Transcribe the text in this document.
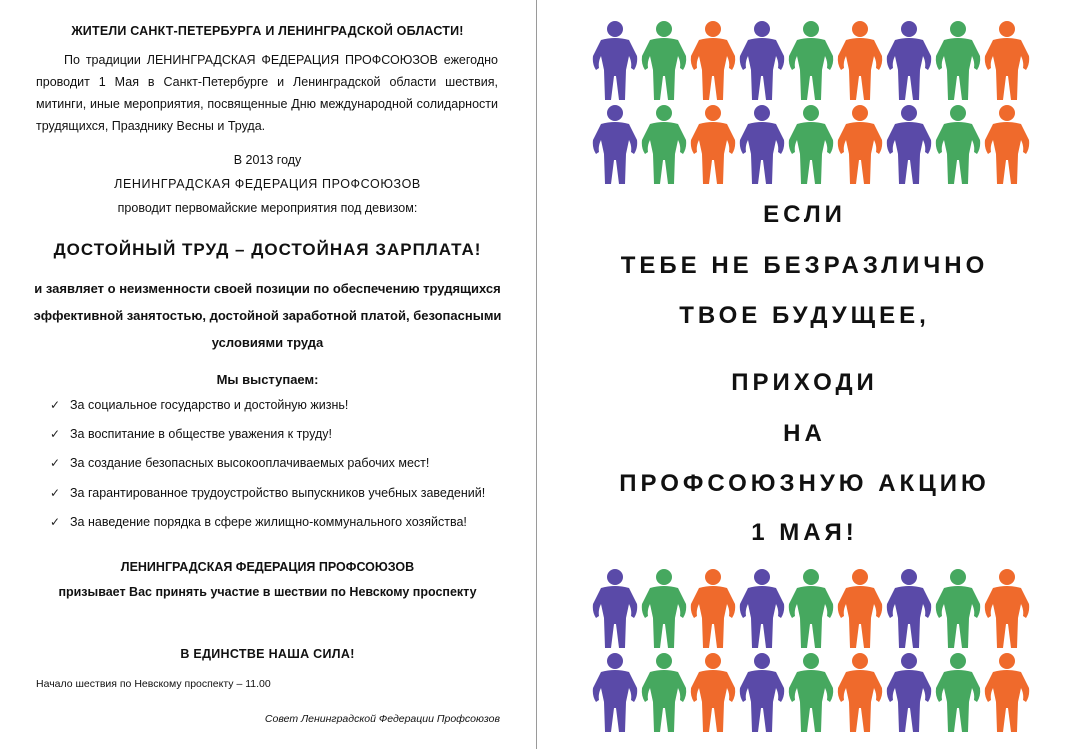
ЖИТЕЛИ САНКТ-ПЕТЕРБУРГА И ЛЕНИНГРАДСКОЙ ОБЛАСТИ!

По традиции ЛЕНИНГРАДСКАЯ ФЕДЕРАЦИЯ ПРОФСОЮЗОВ ежегодно проводит 1 Мая в Санкт-Петербурге и Ленинградской области шествия, митинги, иные мероприятия, посвященные Дню международной солидарности трудящихся, Празднику Весны и Труда.

В 2013 году

ЛЕНИНГРАДСКАЯ ФЕДЕРАЦИЯ ПРОФСОЮЗОВ

проводит первомайские мероприятия под девизом:

ДОСТОЙНЫЙ ТРУД – ДОСТОЙНАЯ ЗАРПЛАТА!

и заявляет о неизменности своей позиции по обеспечению трудящихся эффективной занятостью, достойной заработной платой, безопасными условиями труда

Мы выступаем:

✓ За социальное государство и достойную жизнь!
✓ За воспитание в обществе уважения к труду!
✓ За создание безопасных высокооплачиваемых рабочих мест!
✓ За гарантированное трудоустройство выпускников учебных заведений!
✓ За наведение порядка в сфере жилищно-коммунального хозяйства!

ЛЕНИНГРАДСКАЯ ФЕДЕРАЦИЯ ПРОФСОЮЗОВ

призывает Вас принять участие в шествии по Невскому проспекту

В ЕДИНСТВЕ НАША СИЛА!

Начало шествия по Невскому проспекту – 11.00

Совет Ленинградской Федерации Профсоюзов

ЕСЛИ

ТЕБЕ НЕ БЕЗРАЗЛИЧНО

ТВОЕ БУДУЩЕЕ,

ПРИХОДИ

НА

ПРОФСОЮЗНУЮ АКЦИЮ

1 МАЯ!
